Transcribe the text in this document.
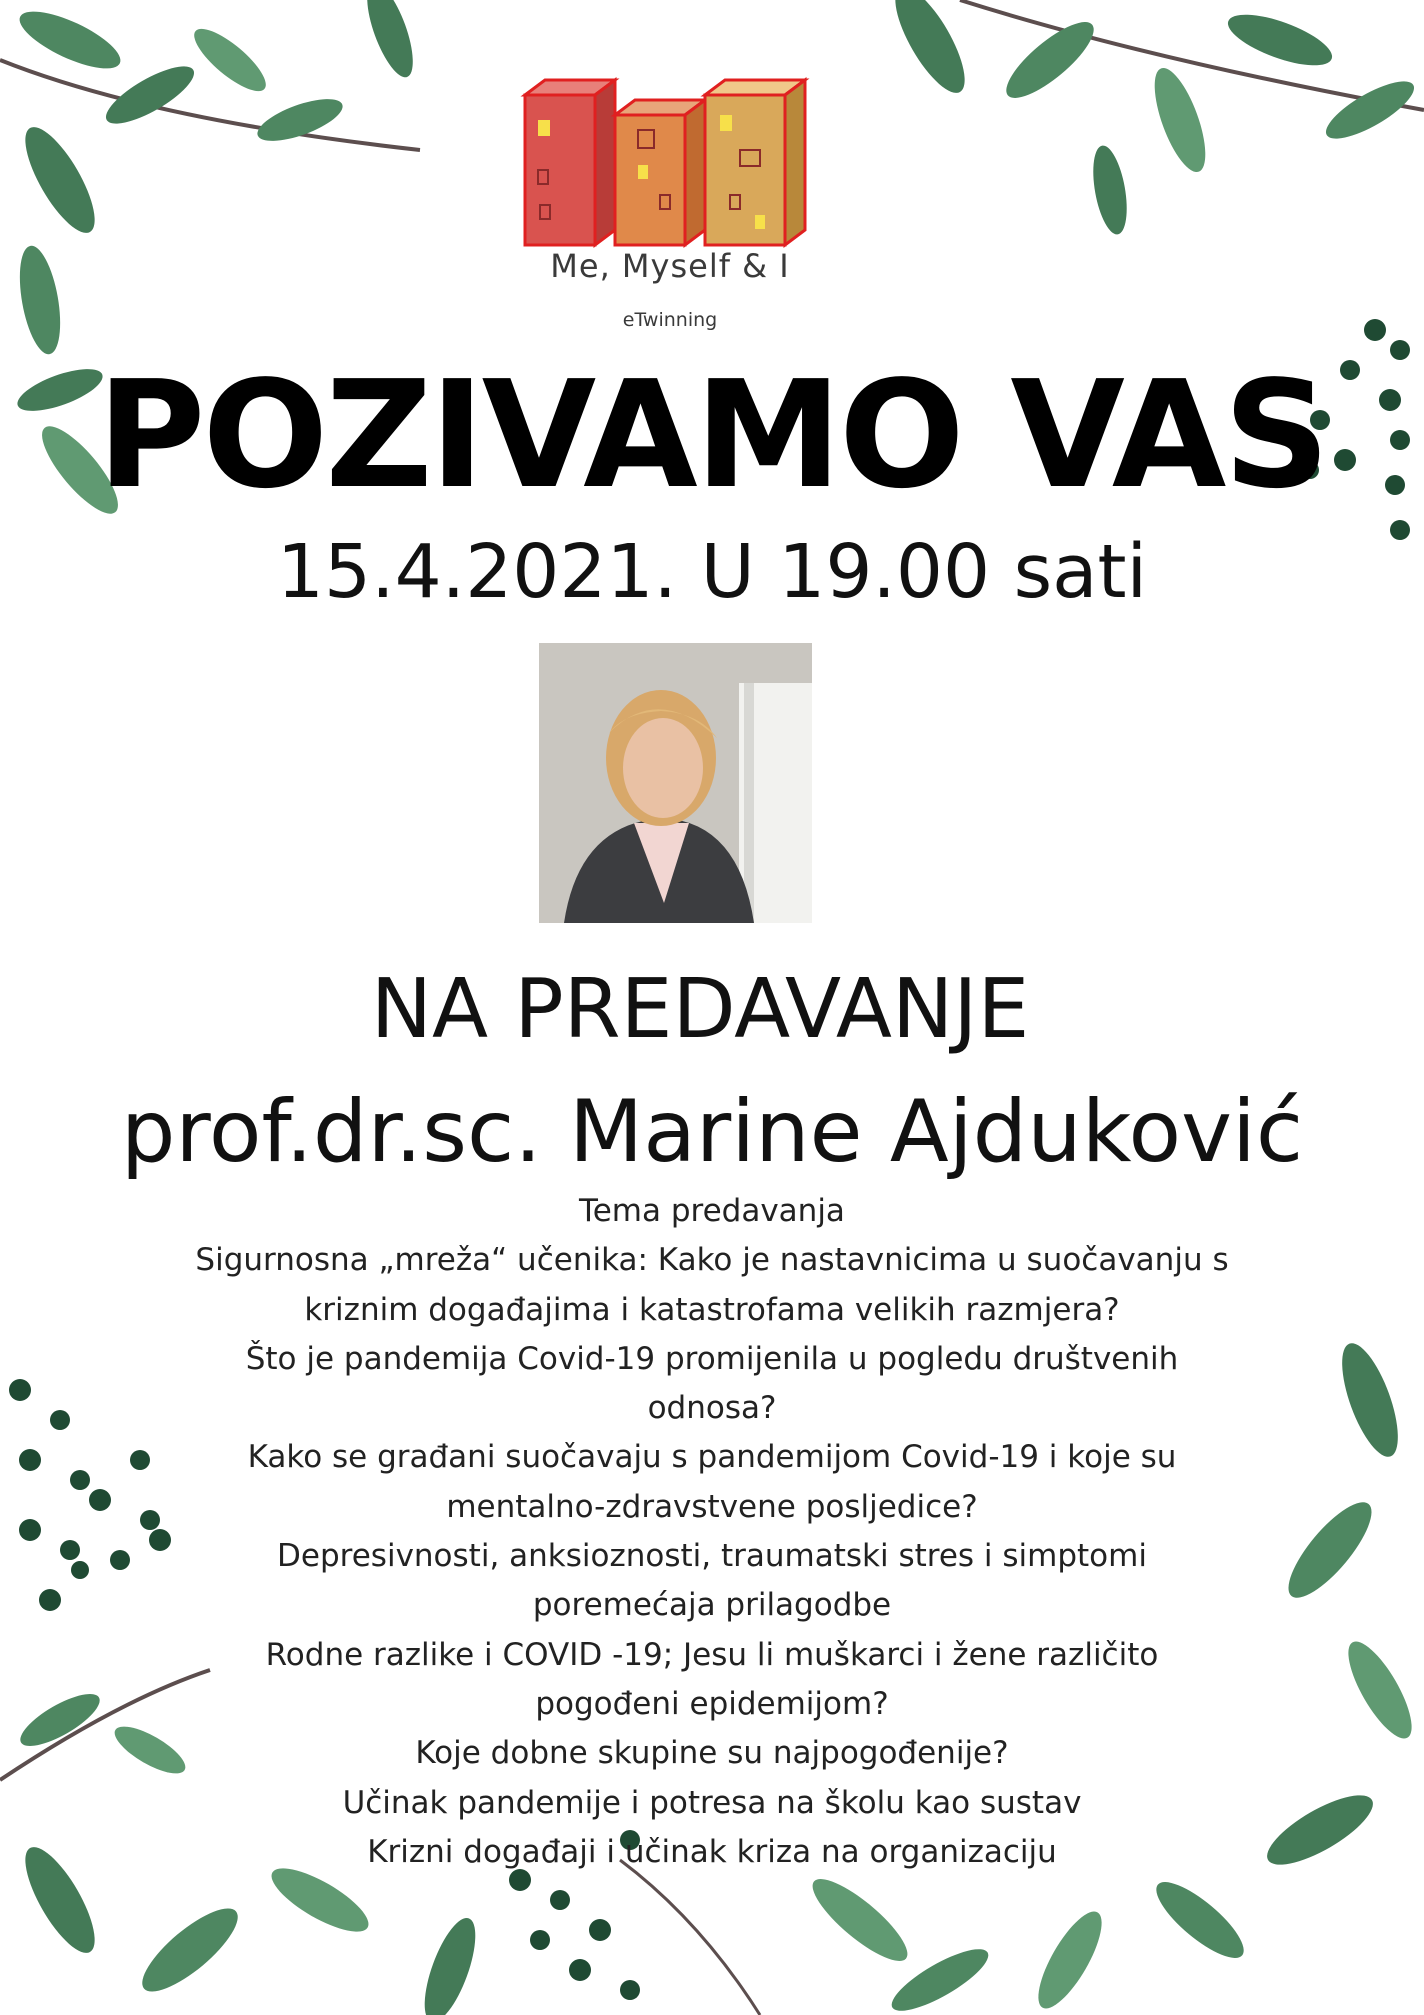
Me, Myself & I
eTwinning
POZIVAMO VAS
15.4.2021. U 19.00 sati
NA PREDAVANJE
prof.dr.sc. Marine Ajduković
Tema predavanja
Sigurnosna „mreža“ učenika: Kako je nastavnicima u suočavanju s
kriznim događajima i katastrofama velikih razmjera?
Što je pandemija Covid-19 promijenila u pogledu društvenih
odnosa?
Kako se građani suočavaju s pandemijom Covid-19 i koje su
mentalno-zdravstvene posljedice?
Depresivnosti, anksioznosti, traumatski stres i simptomi
poremećaja prilagodbe
Rodne razlike i COVID -19; Jesu li muškarci i žene različito
pogođeni epidemijom?
Koje dobne skupine su najpogođenije?
Učinak pandemije i potresa na školu kao sustav
Krizni događaji i učinak kriza na organizaciju
